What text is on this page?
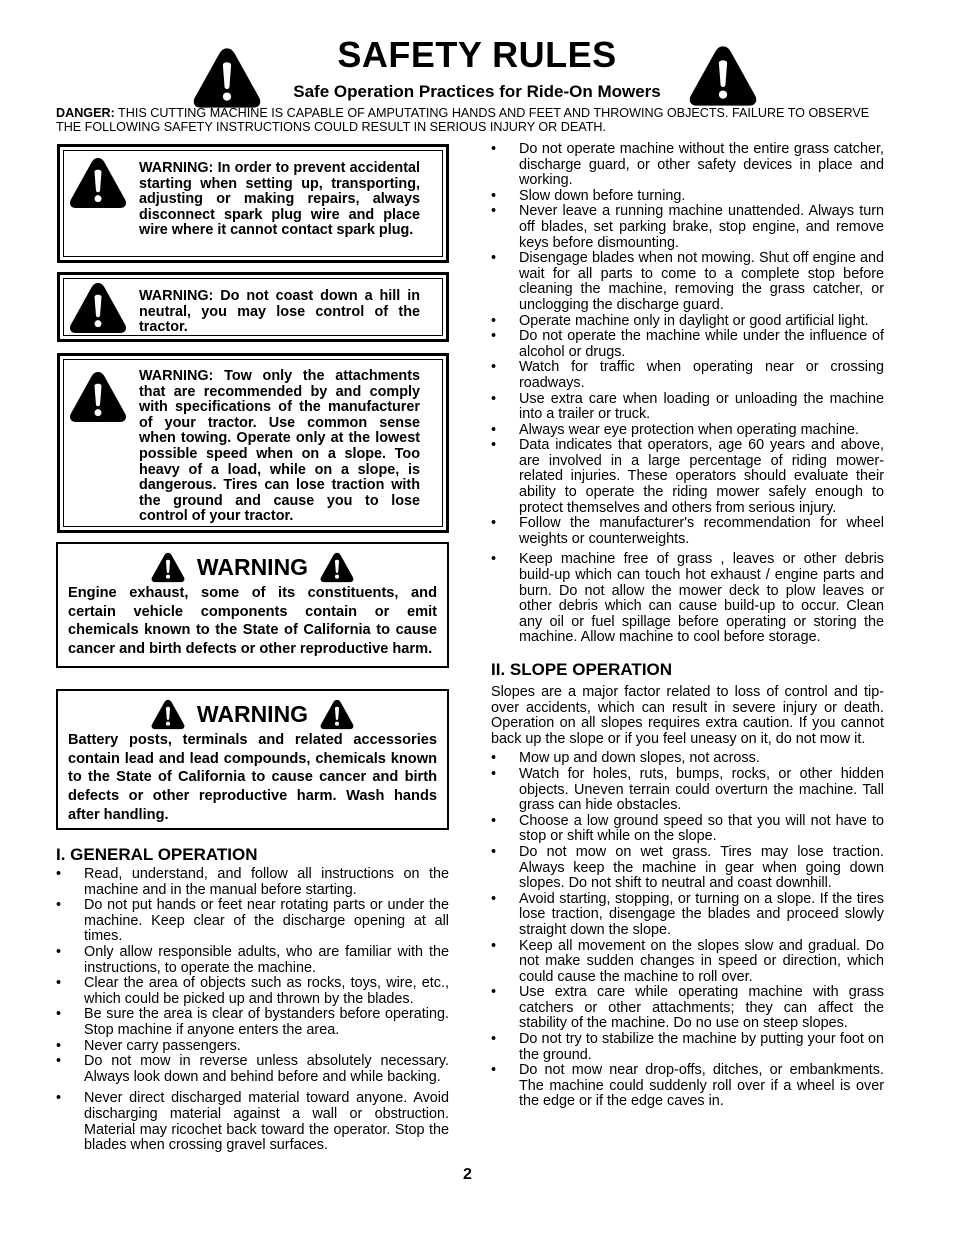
SAFETY RULES
Safe Operation Practices for Ride-On Mowers
DANGER: THIS CUTTING MACHINE IS CAPABLE OF AMPUTATING HANDS AND FEET AND THROWING OBJECTS. FAILURE TO OBSERVE THE FOLLOWING SAFETY INSTRUCTIONS COULD RESULT IN SERIOUS INJURY OR DEATH.
WARNING: In order to prevent accidental starting when setting up, transporting, adjusting or making repairs, always disconnect spark plug wire and place wire where it cannot contact spark plug.
WARNING: Do not coast down a hill in neutral, you may lose control of the tractor.
WARNING: Tow only the attachments that are recommended by and comply with specifications of the manufacturer of your tractor. Use common sense when towing. Operate only at the lowest possible speed when on a slope. Too heavy of a load, while on a slope, is dangerous. Tires can lose traction with the ground and cause you to lose control of your tractor.
WARNING
Engine exhaust, some of its constituents, and certain vehicle components contain or emit chemicals known to the State of California to cause cancer and birth defects or other reproductive harm.
WARNING
Battery posts, terminals and related accessories contain lead and lead compounds, chemicals known to the State of California to cause cancer and birth defects or other reproductive harm. Wash hands after handling.
I. GENERAL OPERATION
• Read, understand, and follow all instructions on the machine and in the manual before starting.
• Do not put hands or feet near rotating parts or under the machine. Keep clear of the discharge opening at all times.
• Only allow responsible adults, who are familiar with the instructions, to operate the machine.
• Clear the area of objects such as rocks, toys, wire, etc., which could be picked up and thrown by the blades.
• Be sure the area is clear of bystanders before operating. Stop machine if anyone enters the area.
• Never carry passengers.
• Do not mow in reverse unless absolutely necessary. Always look down and behind before and while backing.
• Never direct discharged material toward anyone. Avoid discharging material against a wall or obstruction. Material may ricochet back toward the operator. Stop the blades when crossing gravel surfaces.
• Do not operate machine without the entire grass catcher, discharge guard, or other safety devices in place and working.
• Slow down before turning.
• Never leave a running machine unattended. Always turn off blades, set parking brake, stop engine, and remove keys before dismounting.
• Disengage blades when not mowing. Shut off engine and wait for all parts to come to a complete stop before cleaning the machine, removing the grass catcher, or unclogging the discharge guard.
• Operate machine only in daylight or good artificial light.
• Do not operate the machine while under the influence of alcohol or drugs.
• Watch for traffic when operating near or crossing roadways.
• Use extra care when loading or unloading the machine into a trailer or truck.
• Always wear eye protection when operating machine.
• Data indicates that operators, age 60 years and above, are involved in a large percentage of riding mower-related injuries. These operators should evaluate their ability to operate the riding mower safely enough to protect themselves and others from serious injury.
• Follow the manufacturer's recommendation for wheel weights or counterweights.
• Keep machine free of grass , leaves or other debris build-up which can touch hot exhaust / engine parts and burn. Do not allow the mower deck to plow leaves or other debris which can cause build-up to occur. Clean any oil or fuel spillage before operating or storing the machine. Allow machine to cool before storage.
II. SLOPE OPERATION

Slopes are a major factor related to loss of control and tip-over accidents, which can result in severe injury or death. Operation on all slopes requires extra caution. If you cannot back up the slope or if you feel uneasy on it, do not mow it.

• Mow up and down slopes, not across.
• Watch for holes, ruts, bumps, rocks, or other hidden objects. Uneven terrain could overturn the machine. Tall grass can hide obstacles.
• Choose a low ground speed so that you will not have to stop or shift while on the slope.
• Do not mow on wet grass. Tires may lose traction. Always keep the machine in gear when going down slopes. Do not shift to neutral and coast downhill.
• Avoid starting, stopping, or turning on a slope. If the tires lose traction, disengage the blades and proceed slowly straight down the slope.
• Keep all movement on the slopes slow and gradual. Do not make sudden changes in speed or direction, which could cause the machine to roll over.
• Use extra care while operating machine with grass catchers or other attachments; they can affect the stability of the machine. Do no use on steep slopes.
• Do not try to stabilize the machine by putting your foot on the ground.
• Do not mow near drop-offs, ditches, or embankments. The machine could suddenly roll over if a wheel is over the edge or if the edge caves in.
2
